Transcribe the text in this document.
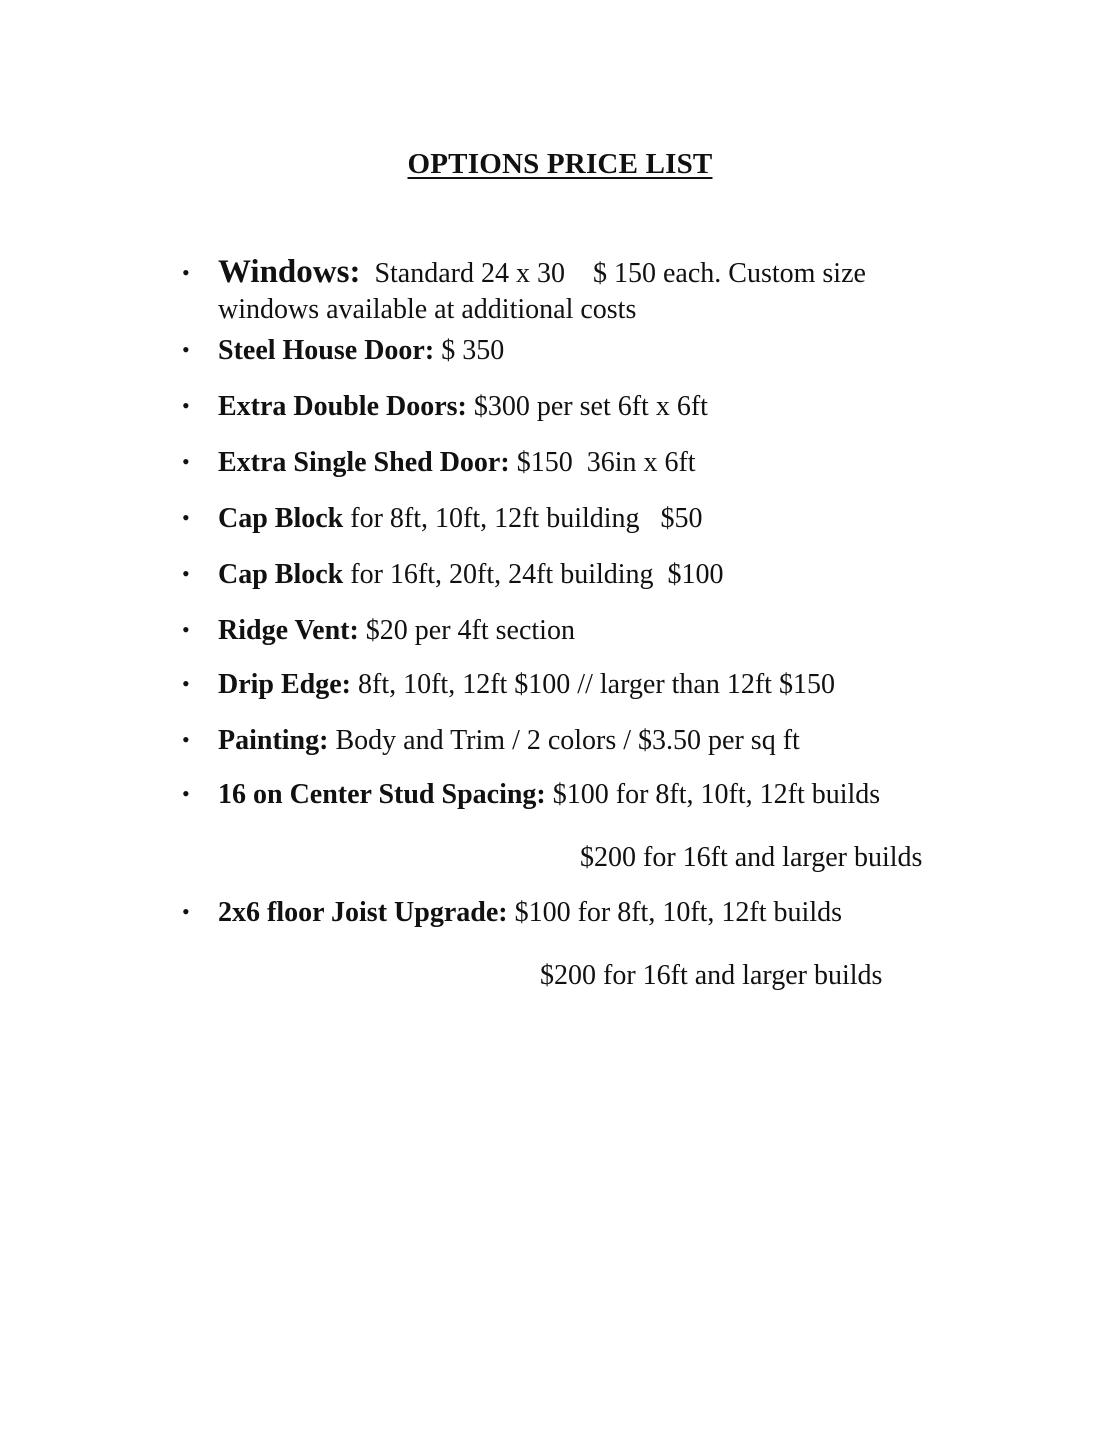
OPTIONS PRICE LIST
• Windows:  Standard 24 x 30    $ 150 each. Custom size
windows available at additional costs
• Steel House Door: $ 350
• Extra Double Doors: $300 per set 6ft x 6ft
• Extra Single Shed Door: $150  36in x 6ft
• Cap Block for 8ft, 10ft, 12ft building   $50
• Cap Block for 16ft, 20ft, 24ft building  $100
• Ridge Vent: $20 per 4ft section
• Drip Edge: 8ft, 10ft, 12ft $100 // larger than 12ft $150
• Painting: Body and Trim / 2 colors / $3.50 per sq ft
• 16 on Center Stud Spacing: $100 for 8ft, 10ft, 12ft builds
$200 for 16ft and larger builds
• 2x6 floor Joist Upgrade: $100 for 8ft, 10ft, 12ft builds
$200 for 16ft and larger builds
